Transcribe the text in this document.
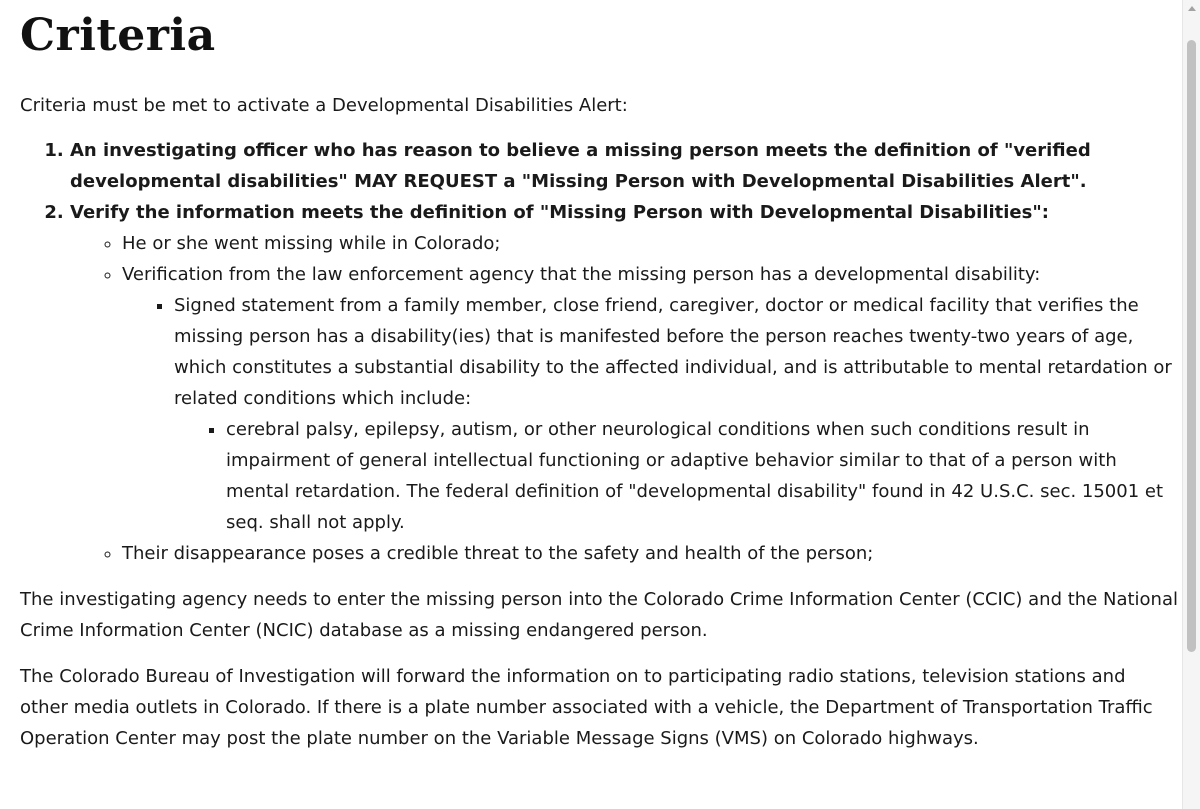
Criteria

Criteria must be met to activate a Developmental Disabilities Alert:

1. An investigating officer who has reason to believe a missing person meets the definition of "verified developmental disabilities" MAY REQUEST a "Missing Person with Developmental Disabilities Alert".
2. Verify the information meets the definition of "Missing Person with Developmental Disabilities":
◦ He or she went missing while in Colorado;
◦ Verification from the law enforcement agency that the missing person has a developmental disability:
▪ Signed statement from a family member, close friend, caregiver, doctor or medical facility that verifies the missing person has a disability(ies) that is manifested before the person reaches twenty-two years of age, which constitutes a substantial disability to the affected individual, and is attributable to mental retardation or related conditions which include:
▪ cerebral palsy, epilepsy, autism, or other neurological conditions when such conditions result in impairment of general intellectual functioning or adaptive behavior similar to that of a person with mental retardation. The federal definition of "developmental disability" found in 42 U.S.C. sec. 15001 et seq. shall not apply.
◦ Their disappearance poses a credible threat to the safety and health of the person;

The investigating agency needs to enter the missing person into the Colorado Crime Information Center (CCIC) and the National Crime Information Center (NCIC) database as a missing endangered person.

The Colorado Bureau of Investigation will forward the information on to participating radio stations, television stations and other media outlets in Colorado. If there is a plate number associated with a vehicle, the Department of Transportation Traffic Operation Center may post the plate number on the Variable Message Signs (VMS) on Colorado highways.
